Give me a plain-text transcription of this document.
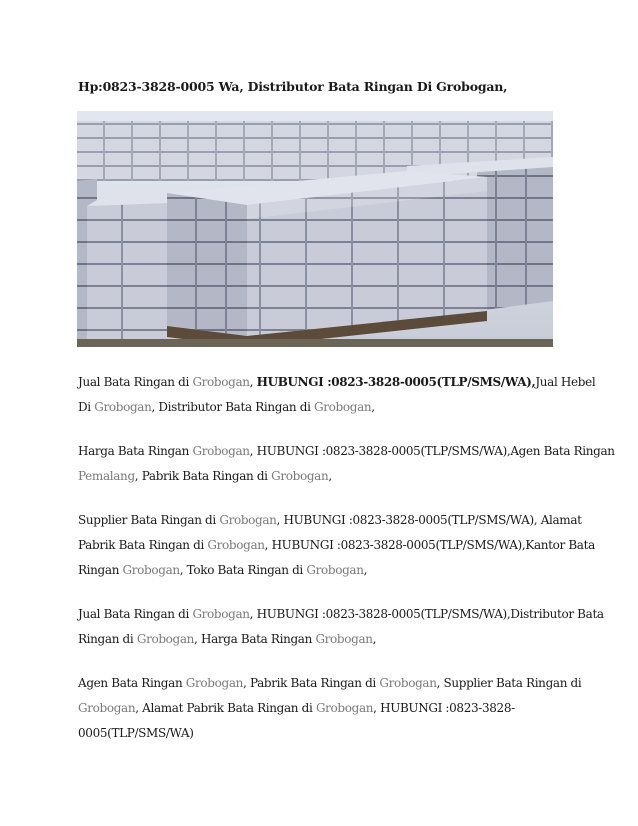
Hp:0823-3828-0005 Wa, Distributor Bata Ringan Di Grobogan,

Jual Bata Ringan di Grobogan, HUBUNGI :0823-3828-0005(TLP/SMS/WA),Jual Hebel
Di Grobogan, Distributor Bata Ringan di Grobogan,

Harga Bata Ringan Grobogan, HUBUNGI :0823-3828-0005(TLP/SMS/WA),Agen Bata Ringan
Pemalang, Pabrik Bata Ringan di Grobogan,

Supplier Bata Ringan di Grobogan, HUBUNGI :0823-3828-0005(TLP/SMS/WA), Alamat
Pabrik Bata Ringan di Grobogan, HUBUNGI :0823-3828-0005(TLP/SMS/WA),Kantor Bata
Ringan Grobogan, Toko Bata Ringan di Grobogan,

Jual Bata Ringan di Grobogan, HUBUNGI :0823-3828-0005(TLP/SMS/WA),Distributor Bata
Ringan di Grobogan, Harga Bata Ringan Grobogan,

Agen Bata Ringan Grobogan, Pabrik Bata Ringan di Grobogan, Supplier Bata Ringan di
Grobogan, Alamat Pabrik Bata Ringan di Grobogan, HUBUNGI :0823-3828-
0005(TLP/SMS/WA)
